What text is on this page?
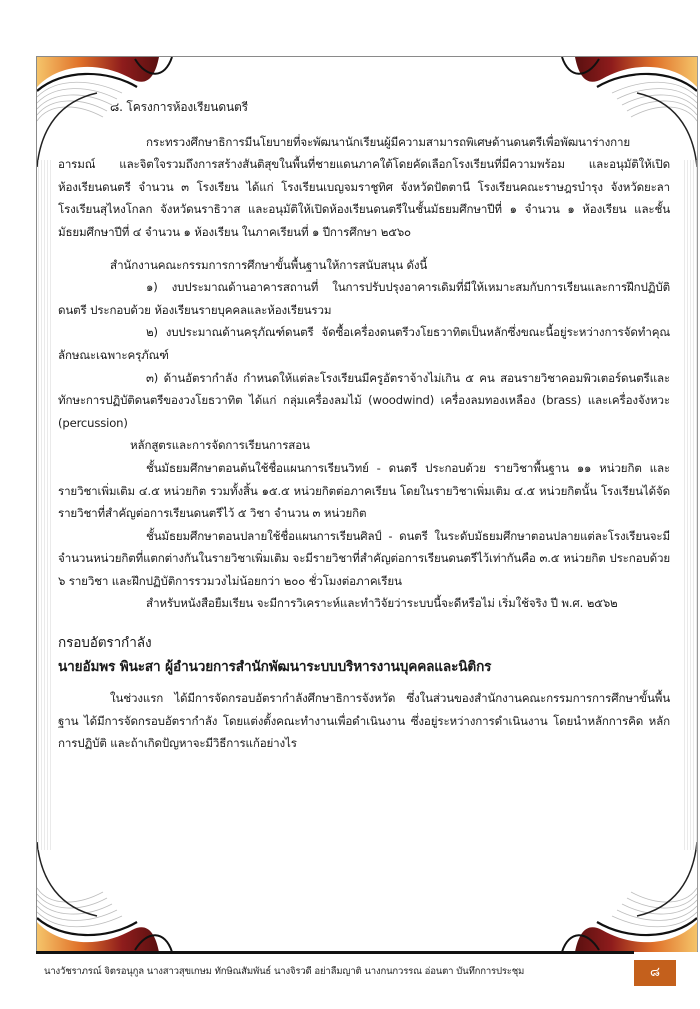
๘. โครงการห้องเรียนดนตรี

กระทรวงศึกษาธิการมีนโยบายที่จะพัฒนานักเรียนผู้มีความสามารถพิเศษด้านดนตรีเพื่อพัฒนาร่างกาย อารมณ์ และจิตใจรวมถึงการสร้างสันติสุขในพื้นที่ชายแดนภาคใต้โดยคัดเลือกโรงเรียนที่มีความพร้อม และอนุมัติให้เปิดห้องเรียนดนตรี จำนวน ๓ โรงเรียน ได้แก่ โรงเรียนเบญจมราชูทิศ จังหวัดปัตตานี โรงเรียนคณะราษฎรบำรุง จังหวัดยะลา โรงเรียนสุไหงโกลก จังหวัดนราธิวาส และอนุมัติให้เปิดห้องเรียนดนตรีในชั้นมัธยมศึกษาปีที่ ๑ จำนวน ๑ ห้องเรียน และชั้นมัธยมศึกษาปีที่ ๔ จำนวน ๑ ห้องเรียน ในภาคเรียนที่ ๑ ปีการศึกษา ๒๕๖๐

สำนักงานคณะกรรมการการศึกษาขั้นพื้นฐานให้การสนับสนุน ดังนี้

๑) งบประมาณด้านอาคารสถานที่ ในการปรับปรุงอาคารเดิมที่มีให้เหมาะสมกับการเรียนและการฝึกปฏิบัติดนตรี ประกอบด้วย ห้องเรียนรายบุคคลและห้องเรียนรวม

๒) งบประมาณด้านครุภัณฑ์ดนตรี จัดซื้อเครื่องดนตรีวงโยธวาทิตเป็นหลักซึ่งขณะนี้อยู่ระหว่างการจัดทำคุณลักษณะเฉพาะครุภัณฑ์

๓) ด้านอัตรากำลัง กำหนดให้แต่ละโรงเรียนมีครูอัตราจ้างไม่เกิน ๕ คน สอนรายวิชาคอมพิวเตอร์ดนตรีและทักษะการปฏิบัติดนตรีของวงโยธวาทิต ได้แก่ กลุ่มเครื่องลมไม้ (woodwind) เครื่องลมทองเหลือง (brass) และเครื่องจังหวะ (percussion)

หลักสูตรและการจัดการเรียนการสอน

ชั้นมัธยมศึกษาตอนต้นใช้ชื่อแผนการเรียนวิทย์ - ดนตรี ประกอบด้วย รายวิชาพื้นฐาน ๑๑ หน่วยกิต และรายวิชาเพิ่มเติม ๔.๕ หน่วยกิต รวมทั้งสิ้น ๑๕.๕ หน่วยกิตต่อภาคเรียน โดยในรายวิชาเพิ่มเติม ๔.๕ หน่วยกิตนั้น โรงเรียนได้จัดรายวิชาที่สำคัญต่อการเรียนดนตรีไว้ ๕ วิชา จำนวน ๓ หน่วยกิต

ชั้นมัธยมศึกษาตอนปลายใช้ชื่อแผนการเรียนศิลป์ - ดนตรี ในระดับมัธยมศึกษาตอนปลายแต่ละโรงเรียนจะมีจำนวนหน่วยกิตที่แตกต่างกันในรายวิชาเพิ่มเติม จะมีรายวิชาที่สำคัญต่อการเรียนดนตรีไว้เท่ากันคือ ๓.๕ หน่วยกิต ประกอบด้วย ๖ รายวิชา และฝึกปฏิบัติการรวมวงไม่น้อยกว่า ๒๐๐ ชั่วโมงต่อภาคเรียน

สำหรับหนังสือยืมเรียน จะมีการวิเคราะห์และทำวิจัยว่าระบบนี้จะดีหรือไม่ เริ่มใช้จริง ปี พ.ศ. ๒๕๖๒

กรอบอัตรากำลัง

นายอัมพร พินะสา ผู้อำนวยการสำนักพัฒนาระบบบริหารงานบุคคลและนิติกร

ในช่วงแรก ได้มีการจัดกรอบอัตรากำลังศึกษาธิการจังหวัด ซึ่งในส่วนของสำนักงานคณะกรรมการการศึกษาขั้นพื้นฐาน ได้มีการจัดกรอบอัตรากำลัง โดยแต่งตั้งคณะทำงานเพื่อดำเนินงาน ซึ่งอยู่ระหว่างการดำเนินงาน โดยนำหลักการคิด หลักการปฏิบัติ และถ้าเกิดปัญหาจะมีวิธีการแก้อย่างไร

นางวัชราภรณ์ จิตรอนุกูล นางสาวสุขเกษม ทักษิณสัมพันธ์ นางจิรวดี อย่าลืมญาติ นางกนกวรรณ อ่อนตา บันทึกการประชุม	๘
